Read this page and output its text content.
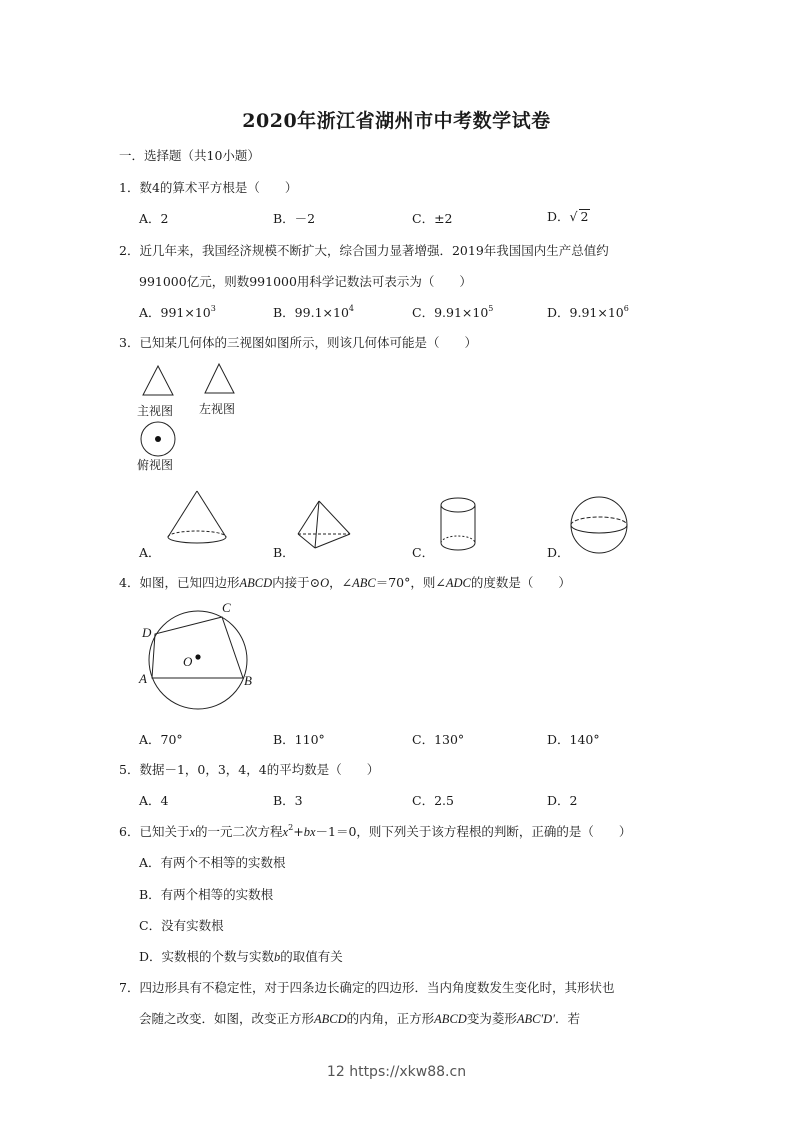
2020年浙江省湖州市中考数学试卷
一．选择题（共10小题）
1．数4的算术平方根是（　　）
A．2	B．－2	C．±2	D．√ 2
2．近几年来，我国经济规模不断扩大，综合国力显著增强．2019年我国国内生产总值约
991000亿元，则数991000用科学记数法可表示为（　　）
A．$991\times 10^3$	B．$99.1\times 10^4$	C．$9.91\times 10^5$	D．$9.91\times 10^6$
3．已知某几何体的三视图如图所示，则该几何体可能是（　　）
主视图 左视图
俯视图
A．	B．	C．	D．
4．如图，已知四边形ABCD内接于⊙O，∠ABC＝70°，则∠ADC的度数是（　　）
C
D
O
A	B
A．70°	B．110°	C．130°	D．140°
5．数据－1，0，3，4，4的平均数是（　　）
A．4	B．3	C．2.5	D．2
6．已知关于x的一元二次方程$x^2+bx-1=0$，则下列关于该方程根的判断，正确的是（　　）
A．有两个不相等的实数根
B．有两个相等的实数根
C．没有实数根
D．实数根的个数与实数b的取值有关
7．四边形具有不稳定性，对于四条边长确定的四边形．当内角度数发生变化时，其形状也
会随之改变．如图，改变正方形ABCD的内角，正方形ABCD变为菱形ABC′D′．若
12 https://xkw88.cn
